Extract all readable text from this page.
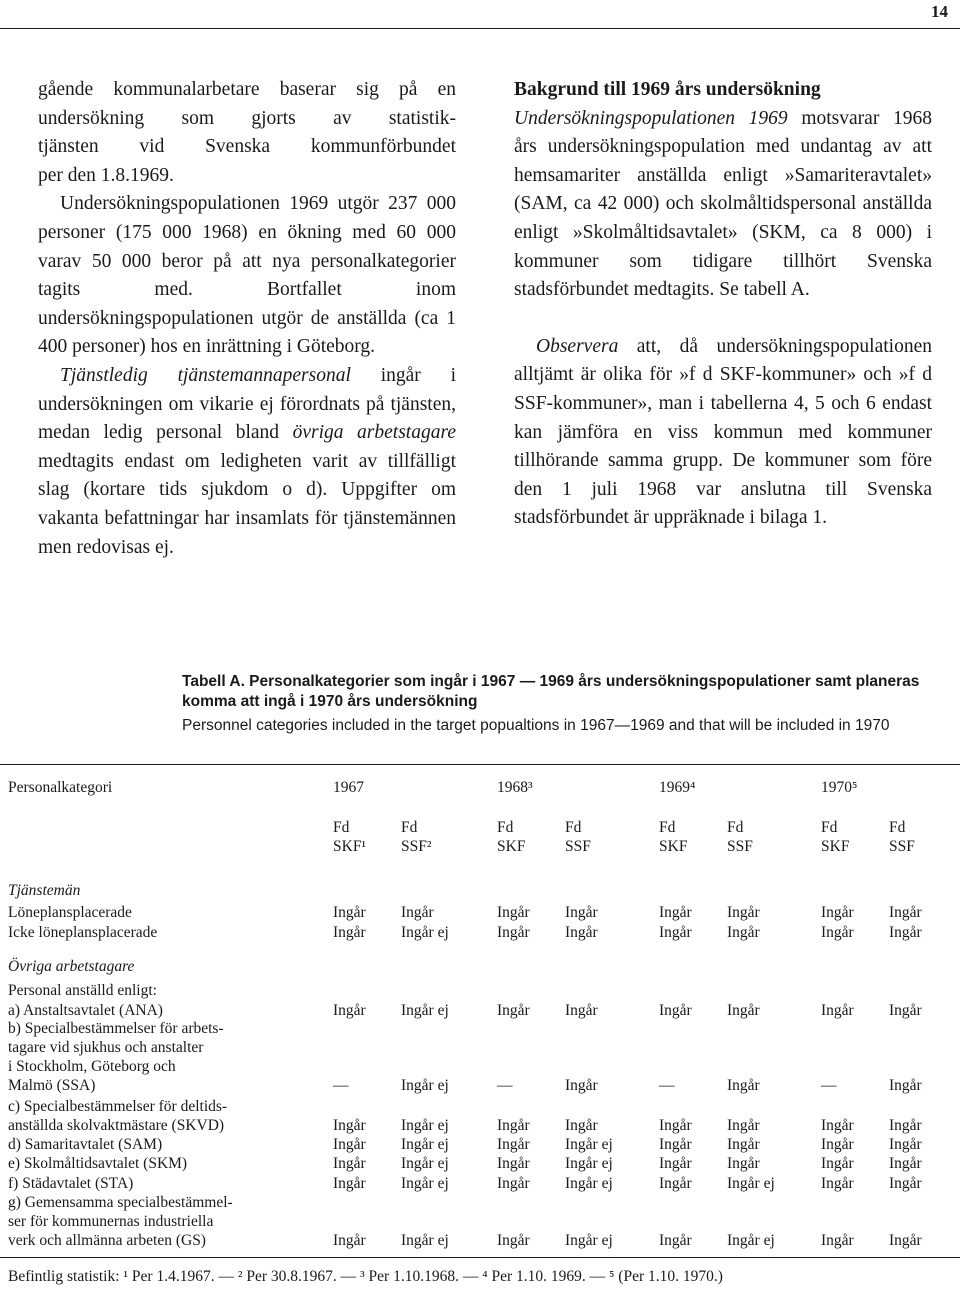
14
gående kommunalarbetare baserar sig på en
undersökning som gjorts av statistik-
tjänsten vid Svenska kommunförbundet
per den 1.8.1969.

Undersökningspopulationen 1969 utgör 237 000 personer (175 000 1968) en ökning med 60 000 varav 50 000 beror på att nya personalkategorier tagits med. Bortfallet inom undersökningspopulationen utgör de anställda (ca 1 400 personer) hos en inrättning i Göteborg.

Tjänstledig tjänstemannapersonal ingår i undersökningen om vikarie ej förordnats på tjänsten, medan ledig personal bland övriga arbetstagare medtagits endast om ledigheten varit av tillfälligt slag (kortare tids sjukdom o d). Uppgifter om vakanta befattningar har insamlats för tjänstemännen men redovisas ej.

Bakgrund till 1969 års undersökning

Undersökningspopulationen 1969 motsvarar 1968 års undersökningspopulation med undantag av att hemsamariter anställda enligt »Samariteravtalet» (SAM, ca 42 000) och skolmåltidspersonal anställda enligt »Skolmåltidsavtalet» (SKM, ca 8 000) i kommuner som tidigare tillhört Svenska stadsförbundet medtagits. Se tabell A.

Observera att, då undersökningspopulationen alltjämt är olika för »f d SKF-kommuner» och »f d SSF-kommuner», man i tabellerna 4, 5 och 6 endast kan jämföra en viss kommun med kommuner tillhörande samma grupp. De kommuner som före den 1 juli 1968 var anslutna till Svenska stadsförbundet är uppräknade i bilaga 1.

Tabell A. Personalkategorier som ingår i 1967 — 1969 års undersökningspopulationer samt planeras komma att ingå i 1970 års undersökning

Personnel categories included in the target popualtions in 1967—1969 and that will be included in 1970

Personalkategori	1967	1968³	1969⁴	1970⁵
Fd	Fd	Fd	Fd	Fd	Fd	Fd	Fd
SKF¹ SSF²	SKF	SSF	SKF	SSF	SKF	SSF
Tjänstemän
Löneplansplacerade	Ingår Ingår	Ingår Ingår	Ingår Ingår	Ingår Ingår
Icke löneplansplacerade	Ingår Ingår ej	Ingår Ingår	Ingår Ingår	Ingår Ingår
Övriga arbetstagare
Personal anställd enligt:
a) Anstaltsavtalet (ANA)	Ingår Ingår ej	Ingår Ingår	Ingår Ingår	Ingår Ingår
b) Specialbestämmelser för arbets-
tagare vid sjukhus och anstalter
i Stockholm, Göteborg och
Malmö (SSA)	—	Ingår ej	—	Ingår	—	Ingår	—	Ingår
c) Specialbestämmelser för deltids-
anställda skolvaktmästare (SKVD)	Ingår Ingår ej	Ingår Ingår	Ingår Ingår	Ingår Ingår
d) Samaritavtalet (SAM)	Ingår Ingår ej	Ingår Ingår ej	Ingår Ingår	Ingår Ingår
e) Skolmåltidsavtalet (SKM)	Ingår Ingår ej	Ingår Ingår ej	Ingår Ingår	Ingår Ingår
f) Städavtalet (STA)	Ingår Ingår ej	Ingår Ingår ej	Ingår Ingår ej	Ingår Ingår
g) Gemensamma specialbestämmel-
ser för kommunernas industriella
verk och allmänna arbeten (GS)	Ingår Ingår ej	Ingår Ingår ej	Ingår Ingår ej	Ingår Ingår
Befintlig statistik: ¹ Per 1.4.1967. — ² Per 30.8.1967. — ³ Per 1.10.1968. — ⁴ Per 1.10. 1969. — ⁵ (Per 1.10. 1970.)
